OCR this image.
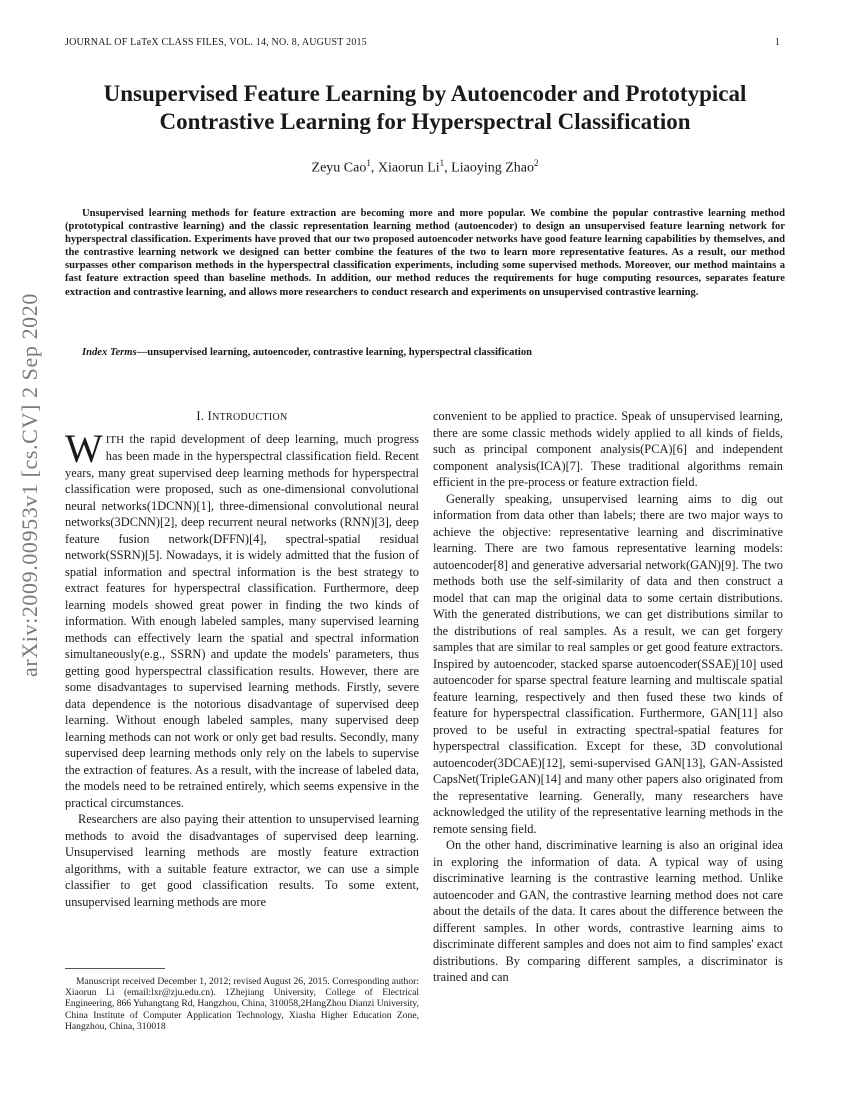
JOURNAL OF LaTeX CLASS FILES, VOL. 14, NO. 8, AUGUST 2015	1
Unsupervised Feature Learning by Autoencoder and Prototypical Contrastive Learning for Hyperspectral Classification
Zeyu Cao$^1$, Xiaorun Li$^1$, Liaoying Zhao$^2$
Unsupervised learning methods for feature extraction are becoming more and more popular. We combine the popular contrastive learning method (prototypical contrastive learning) and the classic representation learning method (autoencoder) to design an unsupervised feature learning network for hyperspectral classification. Experiments have proved that our two proposed autoencoder networks have good feature learning capabilities by themselves, and the contrastive learning network we designed can better combine the features of the two to learn more representative features. As a result, our method surpasses other comparison methods in the hyperspectral classification experiments, including some supervised methods. Moreover, our method maintains a fast feature extraction speed than baseline methods. In addition, our method reduces the requirements for huge computing resources, separates feature extraction and contrastive learning, and allows more researchers to conduct research and experiments on unsupervised contrastive learning.
Index Terms—unsupervised learning, autoencoder, contrastive learning, hyperspectral classification
arXiv:2009.00953v1 [cs.CV] 2 Sep 2020	I. INTRODUCTION

WITH the rapid development of deep learning, much progress has been made in the hyperspectral classification field. Recent years, many great supervised deep learning methods for hyperspectral classification were proposed, such as one-dimensional convolutional neural networks(1DCNN)[1], three-dimensional convolutional neural networks(3DCNN)[2], deep recurrent neural networks (RNN)[3], deep feature fusion network(DFFN)[4], spectral-spatial residual network(SSRN)[5]. Nowadays, it is widely admitted that the fusion of spatial information and spectral information is the best strategy to extract features for hyperspectral classification. Furthermore, deep learning models showed great power in finding the two kinds of information. With enough labeled samples, many supervised learning methods can effectively learn the spatial and spectral information simultaneously(e.g., SSRN) and update the models' parameters, thus getting good hyperspectral classification results. However, there are some disadvantages to supervised learning methods. Firstly, severe data dependence is the notorious disadvantage of supervised deep learning. Without enough labeled samples, many supervised deep learning methods can not work or only get bad results. Secondly, many supervised deep learning methods only rely on the labels to supervise the extraction of features. As a result, with the increase of labeled data, the models need to be retrained entirely, which seems expensive in the practical circumstances.

Researchers are also paying their attention to unsupervised learning methods to avoid the disadvantages of supervised deep learning. Unsupervised learning methods are mostly feature extraction algorithms, with a suitable feature extractor, we can use a simple classifier to get good classification results. To some extent, unsupervised learning methods are more

Manuscript received December 1, 2012; revised August 26, 2015. Corresponding author: Xiaorun Li (email:lxr@zju.edu.cn). 1Zhejiang University, College of Electrical Engineering, 866 Yuhangtang Rd, Hangzhou, China, 310058,2HangZhou Dianzi University, China Institute of Computer Application Technology, Xiasha Higher Education Zone, Hangzhou, China, 310018

convenient to be applied to practice. Speak of unsupervised learning, there are some classic methods widely applied to all kinds of fields, such as principal component analysis(PCA)[6] and independent component analysis(ICA)[7]. These traditional algorithms remain efficient in the pre-process or feature extraction field.

Generally speaking, unsupervised learning aims to dig out information from data other than labels; there are two major ways to achieve the objective: representative learning and discriminative learning. There are two famous representative learning models: autoencoder[8] and generative adversarial network(GAN)[9]. The two methods both use the self-similarity of data and then construct a model that can map the original data to some certain distributions. With the generated distributions, we can get distributions similar to the distributions of real samples. As a result, we can get forgery samples that are similar to real samples or get good feature extractors. Inspired by autoencoder, stacked sparse autoencoder(SSAE)[10] used autoencoder for sparse spectral feature learning and multiscale spatial feature learning, respectively and then fused these two kinds of feature for hyperspectral classification. Furthermore, GAN[11] also proved to be useful in extracting spectral-spatial features for hyperspectral classification. Except for these, 3D convolutional autoencoder(3DCAE)[12], semi-supervised GAN[13], GAN-Assisted CapsNet(TripleGAN)[14] and many other papers also originated from the representative learning. Generally, many researchers have acknowledged the utility of the representative learning methods in the remote sensing field.

On the other hand, discriminative learning is also an original idea in exploring the information of data. A typical way of using discriminative learning is the contrastive learning method. Unlike autoencoder and GAN, the contrastive learning method does not care about the details of the data. It cares about the difference between the different samples. In other words, contrastive learning aims to discriminate different samples and does not aim to find samples' exact distributions. By comparing different samples, a discriminator is trained and can
